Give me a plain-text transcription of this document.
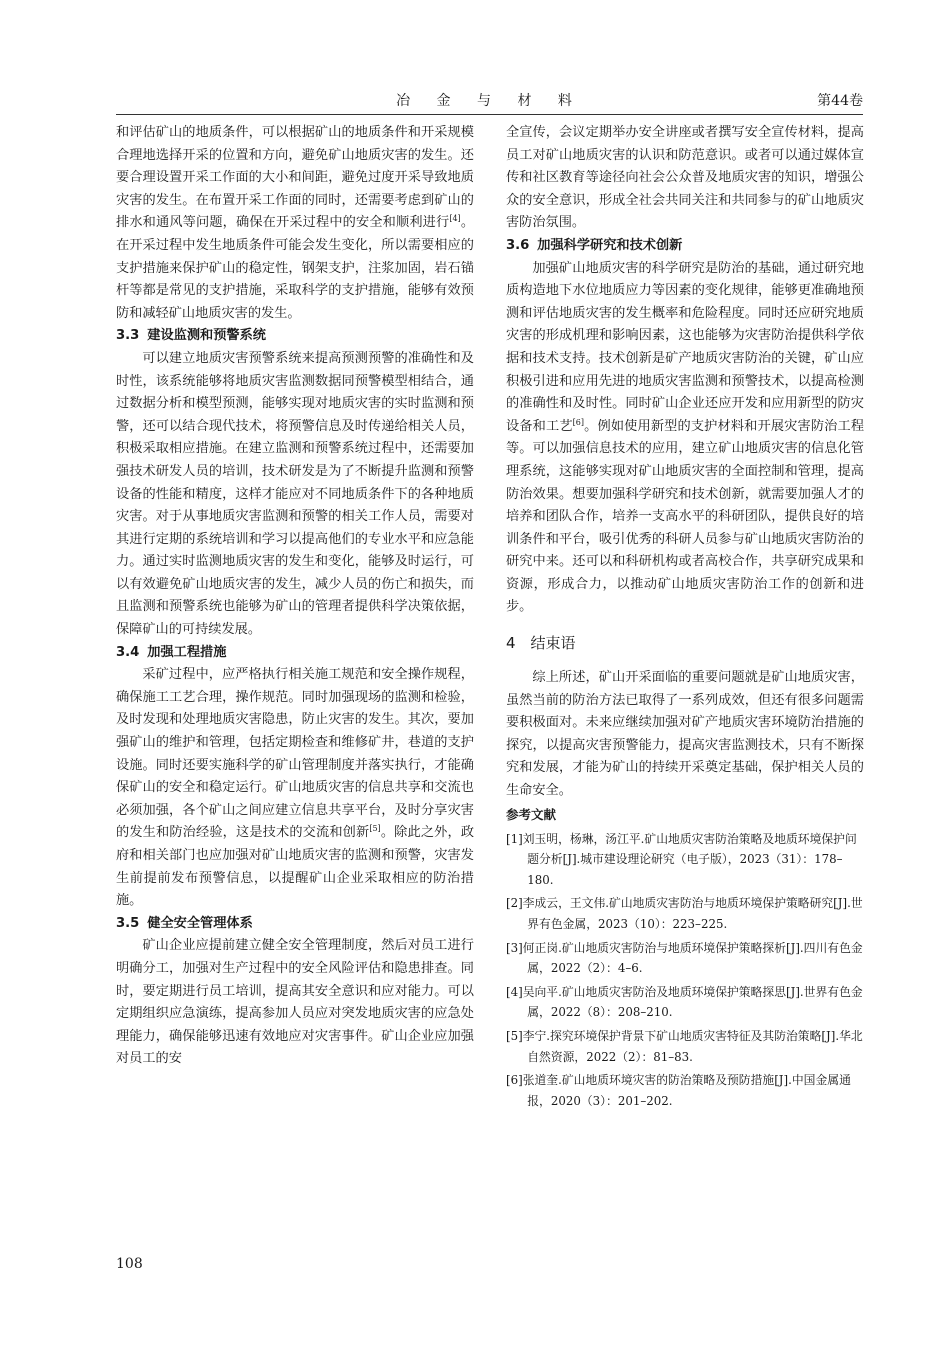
冶 金 与 材 料	第44卷

和评估矿山的地质条件，可以根据矿山的地质条件和开采规模合理地选择开采的位置和方向，避免矿山地质灾害的发生。还要合理设置开采工作面的大小和间距，避免过度开采导致地质灾害的发生。在布置开采工作面的同时，还需要考虑到矿山的排水和通风等问题，确保在开采过程中的安全和顺利进行[4]。在开采过程中发生地质条件可能会发生变化，所以需要相应的支护措施来保护矿山的稳定性，钢架支护，注浆加固，岩石锚杆等都是常见的支护措施，采取科学的支护措施，能够有效预防和减轻矿山地质灾害的发生。

3.3 建设监测和预警系统

可以建立地质灾害预警系统来提高预测预警的准确性和及时性，该系统能够将地质灾害监测数据同预警模型相结合，通过数据分析和模型预测，能够实现对地质灾害的实时监测和预警，还可以结合现代技术，将预警信息及时传递给相关人员，积极采取相应措施。在建立监测和预警系统过程中，还需要加强技术研发人员的培训，技术研发是为了不断提升监测和预警设备的性能和精度，这样才能应对不同地质条件下的各种地质灾害。对于从事地质灾害监测和预警的相关工作人员，需要对其进行定期的系统培训和学习以提高他们的专业水平和应急能力。通过实时监测地质灾害的发生和变化，能够及时运行，可以有效避免矿山地质灾害的发生，减少人员的伤亡和损失，而且监测和预警系统也能够为矿山的管理者提供科学决策依据，保障矿山的可持续发展。

3.4 加强工程措施

采矿过程中，应严格执行相关施工规范和安全操作规程，确保施工工艺合理，操作规范。同时加强现场的监测和检验，及时发现和处理地质灾害隐患，防止灾害的发生。其次，要加强矿山的维护和管理，包括定期检查和维修矿井，巷道的支护设施。同时还要实施科学的矿山管理制度并落实执行，才能确保矿山的安全和稳定运行。矿山地质灾害的信息共享和交流也必须加强，各个矿山之间应建立信息共享平台，及时分享灾害的发生和防治经验，这是技术的交流和创新[5]。除此之外，政府和相关部门也应加强对矿山地质灾害的监测和预警，灾害发生前提前发布预警信息，以提醒矿山企业采取相应的防治措施。

3.5 健全安全管理体系

矿山企业应提前建立健全安全管理制度，然后对员工进行明确分工，加强对生产过程中的安全风险评估和隐患排查。同时，要定期进行员工培训，提高其安全意识和应对能力。可以定期组织应急演练，提高参加人员应对突发地质灾害的应急处理能力，确保能够迅速有效地应对灾害事件。矿山企业应加强对员工的安

全宣传，会议定期举办安全讲座或者撰写安全宣传材料，提高员工对矿山地质灾害的认识和防范意识。或者可以通过媒体宣传和社区教育等途径向社会公众普及地质灾害的知识，增强公众的安全意识，形成全社会共同关注和共同参与的矿山地质灾害防治氛围。

3.6 加强科学研究和技术创新

加强矿山地质灾害的科学研究是防治的基础，通过研究地质构造地下水位地质应力等因素的变化规律，能够更准确地预测和评估地质灾害的发生概率和危险程度。同时还应研究地质灾害的形成机理和影响因素，这也能够为灾害防治提供科学依据和技术支持。技术创新是矿产地质灾害防治的关键，矿山应积极引进和应用先进的地质灾害监测和预警技术，以提高检测的准确性和及时性。同时矿山企业还应开发和应用新型的防灾设备和工艺[6]。例如使用新型的支护材料和开展灾害防治工程等。可以加强信息技术的应用，建立矿山地质灾害的信息化管理系统，这能够实现对矿山地质灾害的全面控制和管理，提高防治效果。想要加强科学研究和技术创新，就需要加强人才的培养和团队合作，培养一支高水平的科研团队，提供良好的培训条件和平台，吸引优秀的科研人员参与矿山地质灾害防治的研究中来。还可以和科研机构或者高校合作，共享研究成果和资源，形成合力，以推动矿山地质灾害防治工作的创新和进步。

4 结束语

综上所述，矿山开采面临的重要问题就是矿山地质灾害，虽然当前的防治方法已取得了一系列成效，但还有很多问题需要积极面对。未来应继续加强对矿产地质灾害环境防治措施的探究，以提高灾害预警能力，提高灾害监测技术，只有不断探究和发展，才能为矿山的持续开采奠定基础，保护相关人员的生命安全。

参考文献
[1]刘玉明，杨琳，汤江平.矿山地质灾害防治策略及地质环境保护问题分析[J].城市建设理论研究（电子版），2023（31）：178–180.
[2]李成云，王文伟.矿山地质灾害防治与地质环境保护策略研究[J].世界有色金属，2023（10）：223–225.
[3]何正岗.矿山地质灾害防治与地质环境保护策略探析[J].四川有色金属，2022（2）：4–6.
[4]吴向平.矿山地质灾害防治及地质环境保护策略探思[J].世界有色金属，2022（8）：208–210.
[5]李宁.探究环境保护背景下矿山地质灾害特征及其防治策略[J].华北自然资源，2022（2）：81–83.
[6]张道奎.矿山地质环境灾害的防治策略及预防措施[J].中国金属通报，2020（3）：201–202.
108
